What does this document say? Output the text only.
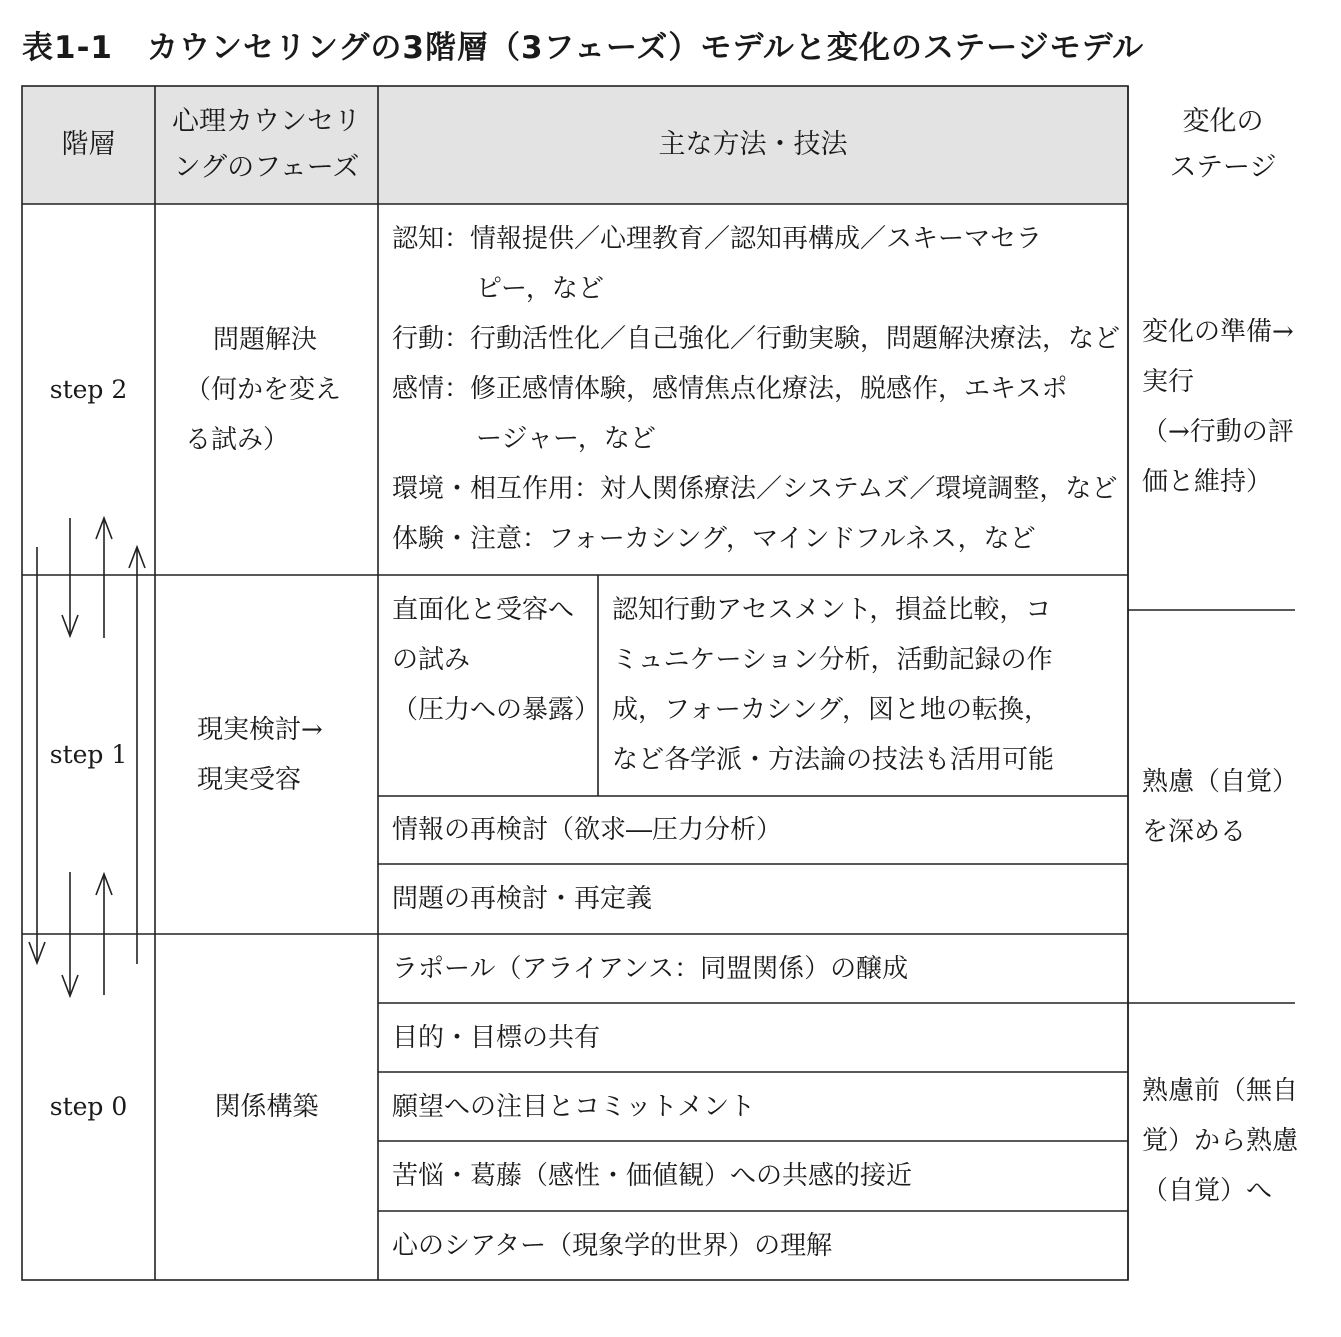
表1-1 カウンセリングの3階層（3フェーズ）モデルと変化のステージモデル
階層
心理カウンセリ
ングのフェーズ
主な方法・技法
変化の
ステージ
step 2
問題解決
（何かを変え
る試み）
認知：情報提供／心理教育／認知再構成／スキーマセラ
ピー，など
行動：行動活性化／自己強化／行動実験，問題解決療法，など
感情：修正感情体験，感情焦点化療法，脱感作，エキスポ
ージャー，など
環境・相互作用：対人関係療法／システムズ／環境調整，など
体験・注意：フォーカシング，マインドフルネス，など
変化の準備→
実行
（→行動の評
価と維持）
step 1
現実検討→
現実受容
直面化と受容へ
の試み
（圧力への暴露）
認知行動アセスメント，損益比較，コ
ミュニケーション分析，活動記録の作
成，フォーカシング，図と地の転換，
など各学派・方法論の技法も活用可能
情報の再検討（欲求―圧力分析）
問題の再検討・再定義
熟慮（自覚）
を深める
step 0	関係構築
ラポール（アライアンス：同盟関係）の醸成
目的・目標の共有
願望への注目とコミットメント
苦悩・葛藤（感性・価値観）への共感的接近
心のシアター（現象学的世界）の理解
熟慮前（無自
覚）から熟慮
（自覚）へ
